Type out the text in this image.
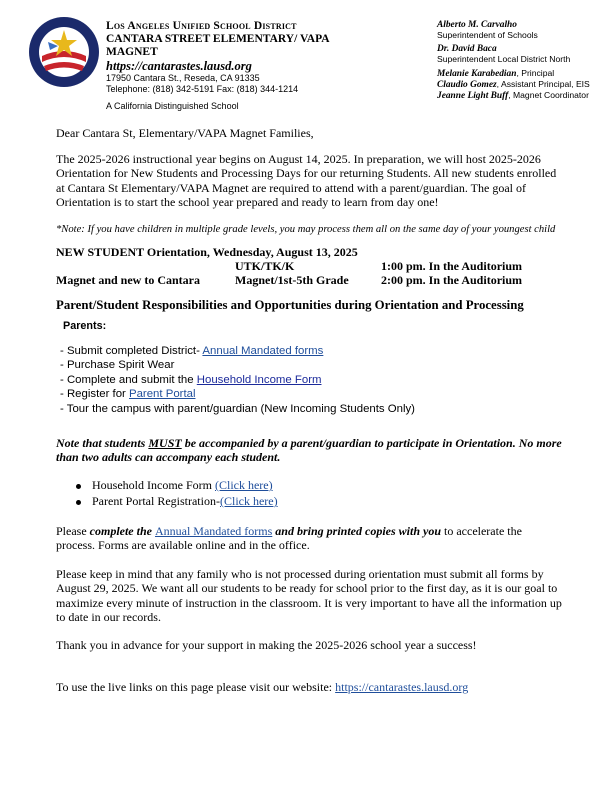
Los Angeles Unified School District
CANTARA STREET ELEMENTARY/ VAPA MAGNET
https://cantarastes.lausd.org
17950 Cantara St., Reseda, CA 91335
Telephone: (818) 342-5191 Fax: (818) 344-1214
A California Distinguished School
Alberto M. Carvalho
Superintendent of Schools
Dr. David Baca
Superintendent Local District North
Melanie Karabedian, Principal
Claudio Gomez, Assistant Principal, EIS
Jeanne Light Buff, Magnet Coordinator

Dear Cantara St, Elementary/VAPA Magnet Families,

The 2025-2026 instructional year begins on August 14, 2025. In preparation, we will host 2025-2026 Orientation for New Students and Processing Days for our returning Students. All new students enrolled at Cantara St Elementary/VAPA Magnet are required to attend with a parent/guardian. The goal of Orientation is to start the school year prepared and ready to learn from day one!

*Note: If you have children in multiple grade levels, you may process them all on the same day of your youngest child

NEW STUDENT Orientation, Wednesday, August 13, 2025
Magnet and new to Cantara
UTK/TK/K	1:00 pm. In the Auditorium
Magnet/1st-5th Grade	2:00 pm. In the Auditorium
Parent/Student Responsibilities and Opportunities during Orientation and Processing
Parents:
- Submit completed District- Annual Mandated forms
- Purchase Spirit Wear
- Complete and submit the Household Income Form
- Register for Parent Portal
- Tour the campus with parent/guardian (New Incoming Students Only)

Note that students MUST be accompanied by a parent/guardian to participate in Orientation. No more than two adults can accompany each student.

Household Income Form (Click here)
Parent Portal Registration-(Click here)

Please complete the Annual Mandated forms and bring printed copies with you to accelerate the process. Forms are available online and in the office.

Please keep in mind that any family who is not processed during orientation must submit all forms by August 29, 2025. We want all our students to be ready for school prior to the first day, as it is our goal to maximize every minute of instruction in the classroom. It is very important to have all the information up to date in our records.

Thank you in advance for your support in making the 2025-2026 school year a success!

To use the live links on this page please visit our website: https://cantarastes.lausd.org
